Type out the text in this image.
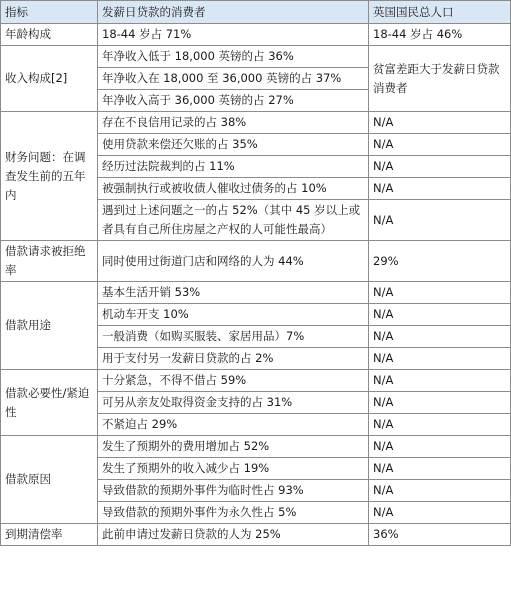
指标	发薪日贷款的消费者	英国国民总人口
年龄构成	18-44 岁占 71%	18-44 岁占 46%
收入构成[2]	年净收入低于 18,000 英镑的占 36%	贫富差距大于发薪日贷款消费者
	年净收入在 18,000 至 36,000 英镑的占 37%	
	年净收入高于 36,000 英镑的占 27%	
财务问题：在调查发生前的五年内	存在不良信用记录的占 38%	N/A
	使用贷款来偿还欠账的占 35%	N/A
	经历过法院裁判的占 11%	N/A
	被强制执行或被收债人催收过债务的占 10%	N/A
	遇到过上述问题之一的占 52%（其中 45 岁以上或者具有自己所住房屋之产权的人可能性最高）	N/A
借款请求被拒绝率	同时使用过街道门店和网络的人为 44%	29%
借款用途	基本生活开销 53%	N/A
	机动车开支 10%	N/A
	一般消费（如购买服装、家居用品）7%	N/A
	用于支付另一发薪日贷款的占 2%	N/A
借款必要性/紧迫性	十分紧急，不得不借占 59%	N/A
	可另从亲友处取得资金支持的占 31%	N/A
	不紧迫占 29%	N/A
借款原因	发生了预期外的费用增加占 52%	N/A
	发生了预期外的收入减少占 19%	N/A
	导致借款的预期外事件为临时性占 93%	N/A
	导致借款的预期外事件为永久性占 5%	N/A
到期清偿率	此前申请过发薪日贷款的人为 25%	36%
